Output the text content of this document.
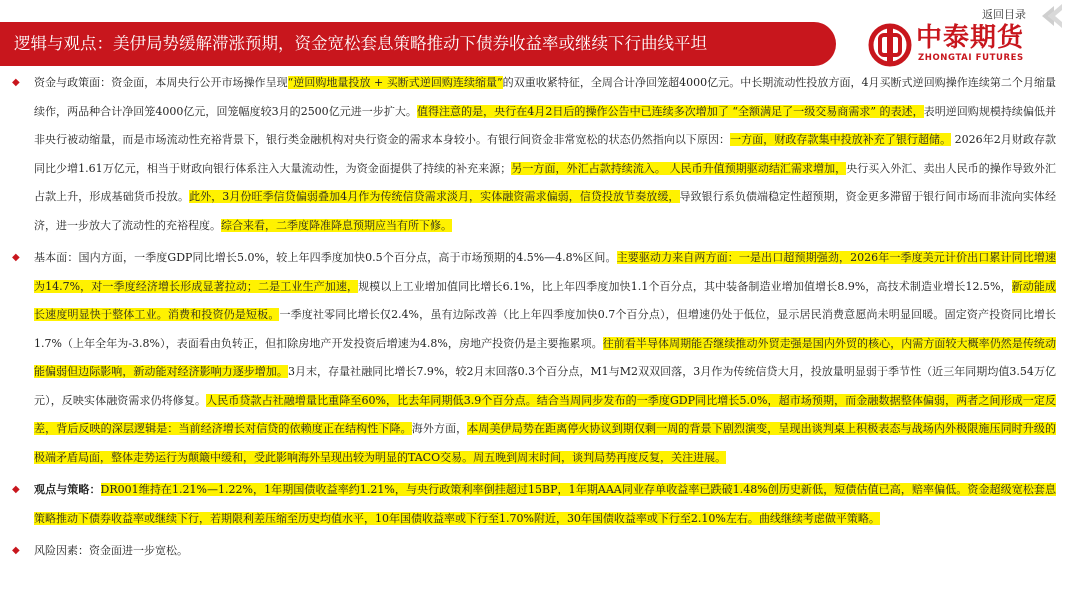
逻辑与观点：美伊局势缓解滞涨预期，资金宽松套息策略推动下债券收益率或继续下行曲线平坦
返回目录
中泰期货
ZHONGTAI FUTURES
◆ 资金与政策面：资金面，本周央行公开市场操作呈现“逆回购地量投放 + 买断式逆回购连续缩量”的双重收紧特征，全周合计净回笼超4000亿元。中长期流动性投放方面，4月买断式逆回购操作连续第二个月缩量续作，两品种合计净回笼4000亿元，回笼幅度较3月的2500亿元进一步扩大。值得注意的是，央行在4月2日后的操作公告中已连续多次增加了 “全额满足了一级交易商需求” 的表述，表明逆回购规模持续偏低并非央行被动缩量，而是市场流动性充裕背景下，银行类金融机构对央行资金的需求本身较小。有银行间资金非常宽松的状态仍然指向以下原因：一方面，财政存款集中投放补充了银行超储。 2026年2月财政存款同比少增1.61万亿元，相当于财政向银行体系注入大量流动性，为资金面提供了持续的补充来源；另一方面，外汇占款持续流入。 人民币升值预期驱动结汇需求增加，央行买入外汇、卖出人民币的操作导致外汇占款上升，形成基础货币投放。此外，3月份旺季信贷偏弱叠加4月作为传统信贷需求淡月，实体融资需求偏弱，信贷投放节奏放缓，导致银行系负债端稳定性超预期，资金更多滞留于银行间市场而非流向实体经济，进一步放大了流动性的充裕程度。综合来看，二季度降准降息预期应当有所下修。
◆ 基本面：国内方面，一季度GDP同比增长5.0%，较上年四季度加快0.5个百分点，高于市场预期的4.5%—4.8%区间。主要驱动力来自两方面：一是出口超预期强劲，2026年一季度美元计价出口累计同比增速为14.7%，对一季度经济增长形成显著拉动；二是工业生产加速，规模以上工业增加值同比增长6.1%，比上年四季度加快1.1个百分点，其中装备制造业增加值增长8.9%，高技术制造业增长12.5%，新动能成长速度明显快于整体工业。消费和投资仍是短板。一季度社零同比增长仅2.4%，虽有边际改善（比上年四季度加快0.7个百分点），但增速仍处于低位，显示居民消费意愿尚未明显回暖。固定资产投资同比增长1.7%（上年全年为-3.8%），表面看由负转正，但扣除房地产开发投资后增速为4.8%，房地产投资仍是主要拖累项。往前看半导体周期能否继续推动外贸走强是国内外贸的核心，内需方面较大概率仍然是传统动能偏弱但边际影响，新动能对经济影响力逐步增加。3月末，存量社融同比增长7.9%，较2月末回落0.3个百分点，M1与M2双双回落，3月作为传统信贷大月，投放量明显弱于季节性（近三年同期均值3.54万亿元），反映实体融资需求仍将修复。人民币贷款占社融增量比重降至60%，比去年同期低3.9个百分点。结合当周同步发布的一季度GDP同比增长5.0%，超市场预期，而金融数据整体偏弱，两者之间形成一定反差，背后反映的深层逻辑是：当前经济增长对信贷的依赖度正在结构性下降。海外方面，本周美伊局势在距离停火协议到期仅剩一周的背景下剧烈演变，呈现出谈判桌上积极表态与战场内外极限施压同时升级的极端矛盾局面，整体走势运行为颠簸中缓和，受此影响海外呈现出较为明显的TACO交易。周五晚到周末时间，谈判局势再度反复，关注进展。
◆ 观点与策略：DR001维持在1.21%—1.22%，1年期国债收益率约1.21%，与央行政策利率倒挂超过15BP，1年期AAA同业存单收益率已跌破1.48%创历史新低，短债估值已高，赔率偏低。资金超级宽松套息策略推动下债券收益率或继续下行，若期限利差压缩至历史均值水平，10年国债收益率或下行至1.70%附近，30年国债收益率或下行至2.10%左右。曲线继续考虑做平策略。
◆ 风险因素：资金面进一步宽松。
